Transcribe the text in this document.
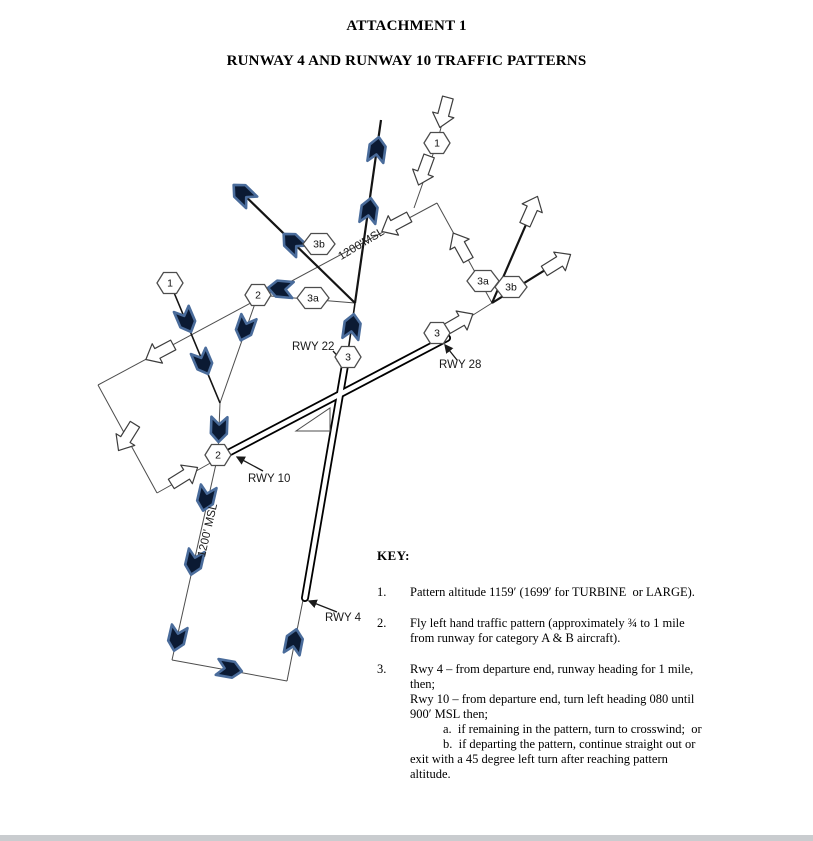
ATTACHMENT 1
RUNWAY 4 AND RUNWAY 10 TRAFFIC PATTERNS
1
1
2
2
3a
3b
3
3
3a 3b
RWY 22
RWY 28
RWY 10
RWY 4
1200'MSL
1200' MSL	KEY:
1.	Pattern altitude 1159′ (1699′ for TURBINE  or LARGE).
2.	Fly left hand traffic pattern (approximately ¾ to 1 mile
from runway for category A & B aircraft).
3.	Rwy 4 – from departure end, runway heading for 1 mile,
then;
Rwy 10 – from departure end, turn left heading 080 until
900′ MSL then;
a.  if remaining in the pattern, turn to crosswind;  or
b.  if departing the pattern, continue straight out or
exit with a 45 degree left turn after reaching pattern
altitude.
